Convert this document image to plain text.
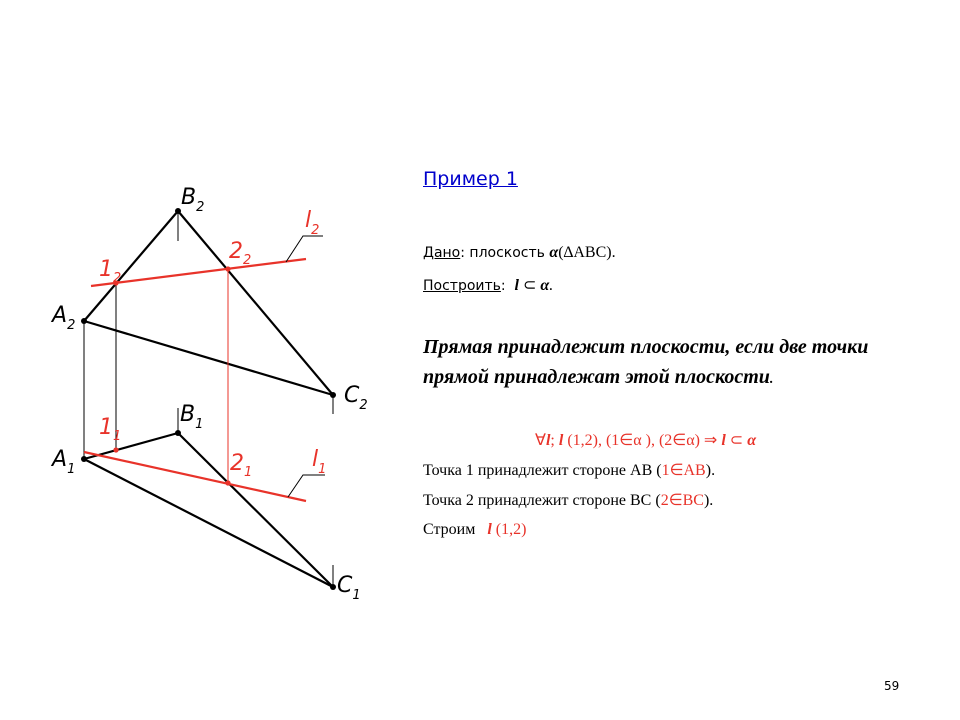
$B_2$
$A_2$
$C_2$
$1_2$
$2_2$
$l_2$
$B_1$
$A_1$
$C_1$
$1_1$
$2_1$
$l_1$
Пример 1
Дано: плоскость α(∆ABC).
Построить:  l ⊂ α.
Прямая принадлежит плоскости, если две точки прямой принадлежат этой плоскости.
∀l; l (1,2), (1∈α ), (2∈α) ⇒ l ⊂ α
Точка 1 принадлежит стороне АВ (1∈AB).
Точка 2 принадлежит стороне ВС (2∈BC).
Строим l (1,2)
59
